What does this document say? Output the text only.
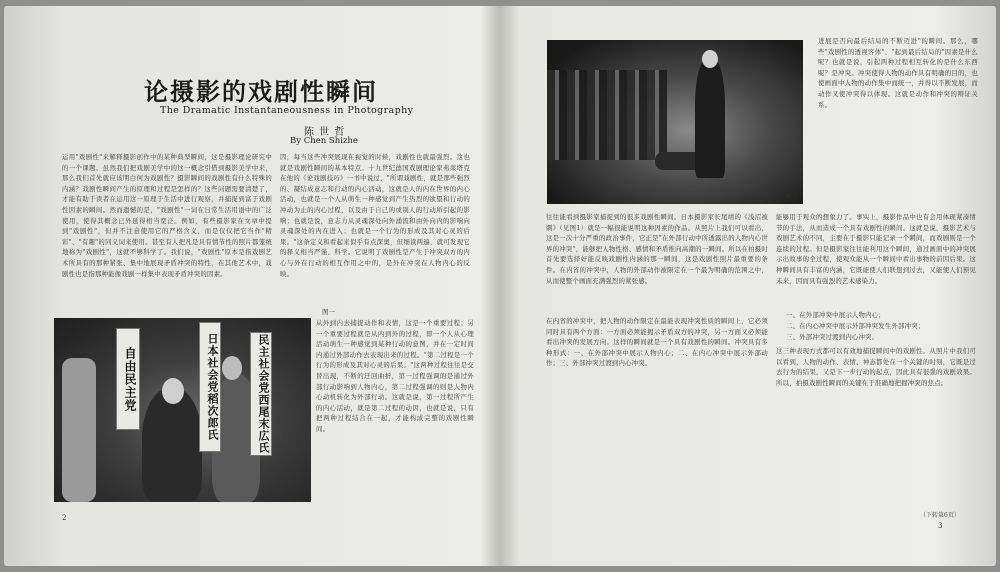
论摄影的戏剧性瞬间
The Dramatic Instantaneousness in Photography
陈 世 哲
By Chen Shizhe
运用"戏剧性"来解释摄影创作中的某种典型瞬间，这是摄影理论研究中的一个课题。虽然我们把戏剧美学中的这一概念引借到摄影美学中来，那么我们首先就应该明白何为戏剧性？摄影瞬间的戏剧性有什么特殊的内涵？戏剧性瞬间产生的原理和过程是怎样的？这些问题需要清楚了，才能有助于读者在运用这一原理于生活中进行观察，并捕捉到富于戏剧性因素的瞬间。然而遗憾的是，"戏剧性"一词在日常生活用语中的广泛使用，使得其概念已外延得相当宽泛。例如，有些摄影家在文章中提到"戏剧性"，但并不注意使用它的严格含义，而是仅仅把它当作"精彩"、"有趣"的同义词来使用。甚至有人把凡是具有情节性的照片都笼统地称为"戏剧性"，这就不够科学了。我们说，"戏剧性"原本是指戏剧艺术所具有的那种紧张、集中地展现矛盾冲突的特性，在其他艺术中，戏剧性也是指那种能像戏剧一样集中表现矛盾冲突的因素。
因，每当这些冲突展现在视觉的时候，戏剧性也就最强烈。这也就是戏剧性瞬间的基本特点。十九世纪德国戏剧理论家弗莱塔克在他的《论戏剧技巧》一书中说过，"所谓戏剧性，就是那些强烈的、凝结成意志和行动的内心活动，这就是人的内在世界的内心活动，也就是一个人从萌生一种感觉到产生热烈的欲望和行动的冲动为止的内心过程，以及由于自己的或别人的行动所引起的影响；也就是说，意志力从灵魂深处向外涌流和由外向内的影响向灵魂深处的内在进入；也就是一个行为的形成及其对心灵的后果。"这条定义和看起来似乎有点深奥，但细读两遍，就可发现它的释义相当严谨、科学。它说明了戏剧性是产生于冲突双方的内心与外在行动的相互作用之中的，是外在冲突在人物内心的反映。
图一
从外到内去捕捉动作和表情，这是一个重要过程；另一个重要过程就是从内到外的过程，即一个人从心理活动萌生一种感觉到某种行动的意图，并在一定时间内通过外部动作去表现出来的过程。"第二过程是一个行为的形成及其对心灵的后果。"这两种过程往往是交替出现，不断的迂回曲折，第一过程强调的是通过外部行动影响到人物内心，第二过程强调的则是人物内心动机转化为外部行动。这就是说，第一过程所产生的内心活动，就是第二过程的动因，也就是说，只有把两种过程结合在一起，才能构成完整的戏剧性瞬间。
自由民主党	日本社会党稻次郎氏	民主社会党西尾末広氏
2
图二
进展是否向最后结局的不断迈进"的瞬间。那么，哪些"戏剧性的透视客体"、"起到最后结局的"因素是什么呢？也就是说，引起两种过程相互转化的是什么东西呢？是冲突。冲突使得人物的动作具有明确的目的，也使画面中人物的动作集中而统一，并得以不断发展，而动作又使冲突得以体现。这就是动作和冲突的辩证关系。
往往能看到摄影家捕捉到的很多戏剧性瞬间。日本摄影家长尾靖的《浅沼被刺》（见图1）就是一幅很能说明这种因素的作品。从照片上我们可以看出，这是一次十分严重的政治事件，它正是"在外部行动中所透露出的人物内心世界的冲突"，能够把人物性格、感情和矛盾推向高潮的一瞬间。所以在拍摄时首先要选择好能反映戏剧性内涵的那一瞬间，这是戏剧性照片最重要的条件。在内省的冲突中，人物的外部动作被限定在一个最为明确的范围之中，从而使整个画面充满强烈的紧张感。
在内省的冲突中，把人物的动作限定在最能表现冲突性质的瞬间上，它必须同时具有两个方面：一方面必须能揭示矛盾双方的冲突，另一方面又必须能看出冲突的发展方向。这样的瞬间就是一个具有戏剧性的瞬间。冲突具有多种形式：一、在外部冲突中展示人物内心；二、在内心冲突中展示外部动作；三、外部冲突过渡到内心冲突。
能够用于观众的想象力了。事实上，摄影作品中也有会用体现紧凑情节的手法，从而造成一个具有戏剧性的瞬间。这就是说，摄影艺术与戏剧艺术的不同，主要在于摄影只能记录一个瞬间，而戏剧则是一个连续的过程。但是摄影家往往能利用这个瞬间，通过画面中的冲突展示出故事的全过程，使观众能从一个瞬间中看出事物的前因后果。这种瞬间具有丰富的内涵，它既能使人们联想到过去，又能使人们预见未来，因而具有强烈的艺术感染力。
一、在外部冲突中展示人物内心；
二、在内心冲突中展示外部冲突发生外部冲突；
三、外部冲突过渡到内心冲突。
这三种表现方式都可以有效地捕捉瞬间中的戏剧性。从照片中我们可以看到，人物的动作、表情、神态都处在一个关键的时刻，它既是过去行为的结果，又是下一步行动的起点，因此具有很强的戏剧效果。所以，拍摄戏剧性瞬间的关键在于准确地把握冲突的焦点。
（下转第6页）
3
